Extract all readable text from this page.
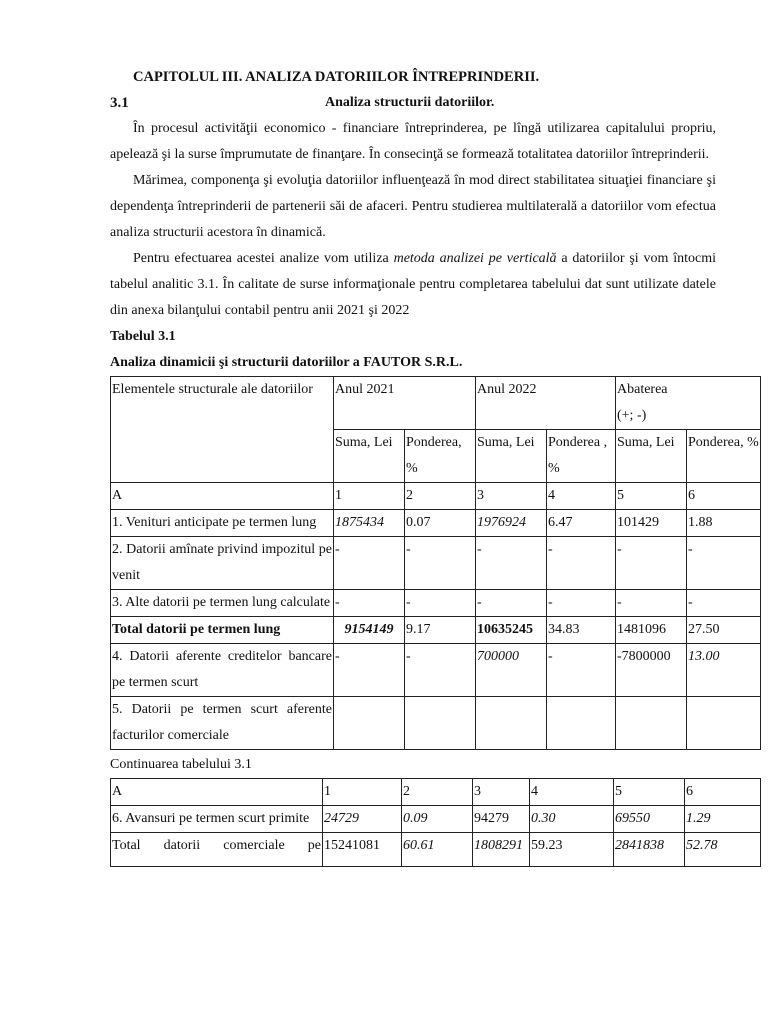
CAPITOLUL III. ANALIZA DATORIILOR ÎNTREPRINDERII.
3.1	Analiza structurii datoriilor.

În procesul activităţii economico - financiare întreprinderea, pe lîngă utilizarea capitalului propriu, apelează şi la surse împrumutate de finanţare. În consecinţă se formează totalitatea datoriilor întreprinderii.

Mărimea, componenţa şi evoluţia datoriilor influenţează în mod direct stabilitatea situaţiei financiare şi dependenţa întreprinderii de partenerii săi de afaceri. Pentru studierea multilaterală a datoriilor vom efectua analiza structurii acestora în dinamică.

Pentru efectuarea acestei analize vom utiliza metoda analizei pe verticală a datoriilor şi vom întocmi tabelul analitic 3.1. În calitate de surse informaţionale pentru completarea tabelului dat sunt utilizate datele din anexa bilanţului contabil pentru anii 2021 şi 2022

Tabelul 3.1
Analiza dinamicii şi structurii datoriilor a FAUTOR S.R.L.
Elementele structurale ale datoriilor	Anul 2021		Anul 2022		Abaterea (+; -)	

	Suma, Lei	Ponderea, %	Suma, Lei	Ponderea , %	Suma, Lei	Ponderea, %
A	1	2	3	4	5	6
1. Venituri anticipate pe termen lung	1875434	0.07	1976924	6.47	101429	1.88
2. Datorii amînate privind impozitul pe venit	-	-	-	-	-	-
3. Alte datorii pe termen lung calculate	-	-	-	-	-	-
Total datorii pe termen lung	9154149	9.17	10635245	34.83	1481096	27.50
4. Datorii aferente creditelor bancare pe termen scurt	-	-	700000	-	-7800000	13.00
5. Datorii pe termen scurt aferente facturilor comerciale						
Continuarea tabelului 3.1
A	1	2	3	4	5	6
6. Avansuri pe termen scurt primite	24729	0.09	94279	0.30	69550	1.29

Total datorii comerciale pe	15241081	60.61	1808291	59.23	2841838	52.78
